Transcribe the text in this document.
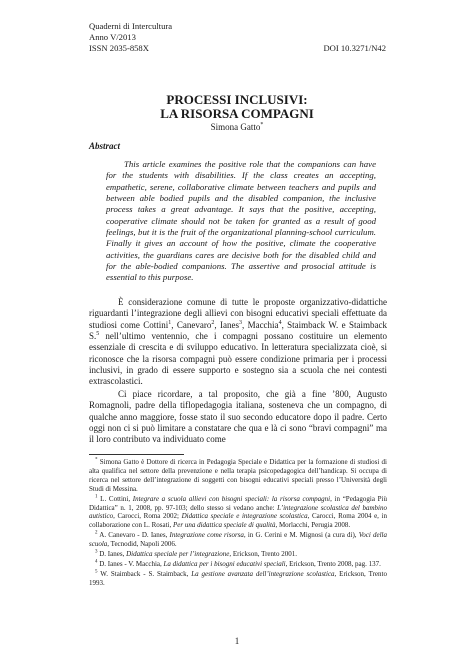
Quaderni di Intercultura
Anno V/2013
ISSN 2035-858X	DOI 10.3271/N42
PROCESSI INCLUSIVI:
LA RISORSA COMPAGNI
Simona Gatto*
Abstract

This article examines the positive role that the companions can have for the students with disabilities. If the class creates an accepting, empathetic, serene, collaborative climate between teachers and pupils and between able bodied pupils and the disabled companion, the inclusive process takes a great advantage. It says that the positive, accepting, cooperative climate should not be taken for granted as a result of good feelings, but it is the fruit of the organizational planning-school curriculum. Finally it gives an account of how the positive, climate the cooperative activities, the guardians cares are decisive both for the disabled child and for the able-bodied companions. The assertive and prosocial attitude is essential to this purpose.

È considerazione comune di tutte le proposte organizzativo-didattiche riguardanti l’integrazione degli allievi con bisogni educativi speciali effettuate da studiosi come Cottini$^1$, Canevaro$^2$, Ianes$^3$, Macchia$^4$, Staimback W. e Staimback S.$^5$ nell’ultimo ventennio, che i compagni possano costituire un elemento essenziale di crescita e di sviluppo educativo. In letteratura specializzata cioè, si riconosce che la risorsa compagni può essere condizione primaria per i processi inclusivi, in grado di essere supporto e sostegno sia a scuola che nei contesti extrascolastici.

Ci piace ricordare, a tal proposito, che già a fine ’800, Augusto Romagnoli, padre della tiflopedagogia italiana, sosteneva che un compagno, di qualche anno maggiore, fosse stato il suo secondo educatore dopo il padre. Certo oggi non ci si può limitare a constatare che qua e là ci sono “bravi compagni” ma il loro contributo va individuato come

* Simona Gatto è Dottore di ricerca in Pedagogia Speciale e Didattica per la formazione di studiosi di alta qualifica nel settore della prevenzione e nella terapia psicopedagogica dell’handicap. Si occupa di ricerca nel settore dell’integrazione di soggetti con bisogni educativi speciali presso l’Università degli Studi di Messina.

$^1$ L. Cottini, Integrare a scuola allievi con bisogni speciali: la risorsa compagni, in “Pedagogia Più Didattica” n. 1, 2008, pp. 97-103; dello stesso si vedano anche: L’integrazione scolastica del bambino autistico, Carocci, Roma 2002; Didattica speciale e integrazione scolastica, Carocci, Roma 2004 e, in collaborazione con L. Rosati, Per una didattica speciale di qualità, Morlacchi, Perugia 2008.

$^2$ A. Canevaro - D. Ianes, Integrazione come risorsa, in G. Cerini e M. Mignosi (a cura di), Voci della scuola, Tecnodid, Napoli 2006.

$^3$ D. Ianes, Didattica speciale per l’integrazione, Erickson, Trento 2001.

$^4$ D. Ianes - V. Macchia, La didattica per i bisogni educativi speciali, Erickson, Trento 2008, pag. 137.

$^5$ W. Staimback - S. Staimback, La gestione avanzata dell’integrazione scolastica, Erickson, Trento 1993.

1
